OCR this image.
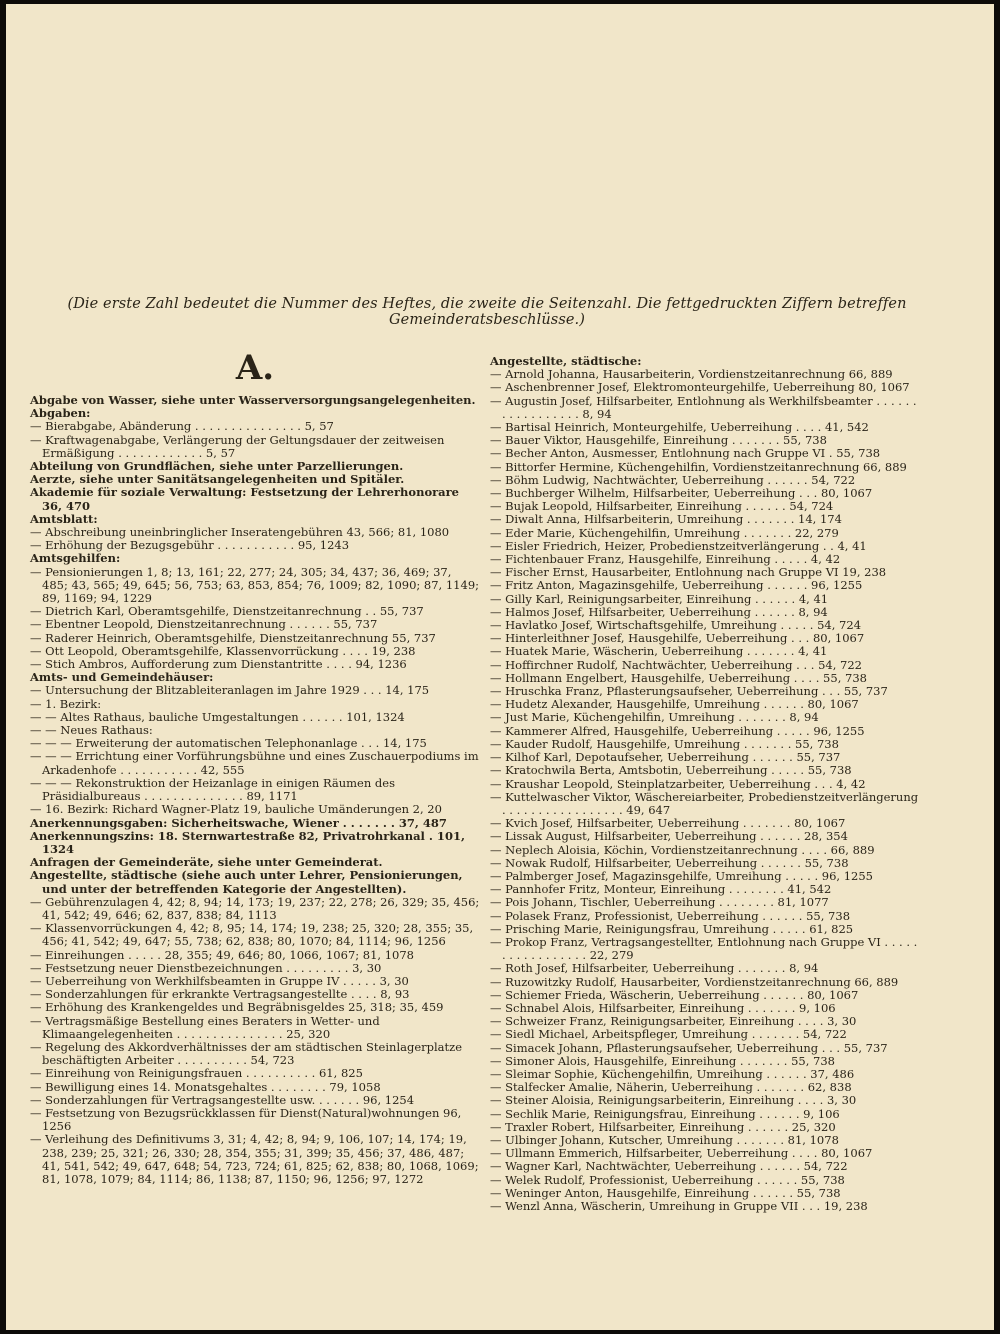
(Die erste Zahl bedeutet die Nummer des Heftes, die zweite die Seitenzahl. Die fettgedruckten Ziffern betreffen Gemeinderatsbeschlüsse.)
A.

Abgabe von Wasser, siehe unter Wasserversorgungsangelegenheiten.

Abgaben:

— Bierabgabe, Abänderung . . . . . . . . . . . . . . . 5, 57

— Kraftwagenabgabe, Verlängerung der Geltungsdauer der zeitweisen Ermäßigung . . . . . . . . . . . . 5, 57

Abteilung von Grundflächen, siehe unter Parzellierungen.

Aerzte, siehe unter Sanitätsangelegenheiten und Spitäler.

Akademie für soziale Verwaltung: Festsetzung der Lehrerhonorare 36, 470

Amtsblatt:

— Abschreibung uneinbringlicher Inseratengebühren 43, 566; 81, 1080

— Erhöhung der Bezugsgebühr . . . . . . . . . . . 95, 1243

Amtsgehilfen:

— Pensionierungen 1, 8; 13, 161; 22, 277; 24, 305; 34, 437; 36, 469; 37, 485; 43, 565; 49, 645; 56, 753; 63, 853, 854; 76, 1009; 82, 1090; 87, 1149; 89, 1169; 94, 1229

— Dietrich Karl, Oberamtsgehilfe, Dienstzeitanrechnung . . 55, 737

— Ebentner Leopold, Dienstzeitanrechnung . . . . . . 55, 737

— Raderer Heinrich, Oberamtsgehilfe, Dienstzeitanrechnung 55, 737

— Ott Leopold, Oberamtsgehilfe, Klassenvorrückung . . . . 19, 238

— Stich Ambros, Aufforderung zum Dienstantritte . . . . 94, 1236

Amts- und Gemeindehäuser:

— Untersuchung der Blitzableiteranlagen im Jahre 1929 . . . 14, 175

— 1. Bezirk:

— — Altes Rathaus, bauliche Umgestaltungen . . . . . . 101, 1324

— — Neues Rathaus:

— — — Erweiterung der automatischen Telephonanlage . . . 14, 175

— — — Errichtung einer Vorführungsbühne und eines Zuschauerpodiums im Arkadenhofe . . . . . . . . . . . 42, 555

— — — Rekonstruktion der Heizanlage in einigen Räumen des Präsidialbureaus . . . . . . . . . . . . . . 89, 1171

— 16. Bezirk: Richard Wagner-Platz 19, bauliche Umänderungen 2, 20

Anerkennungsgaben: Sicherheitswache, Wiener . . . . . . . 37, 487

Anerkennungszins: 18. Sternwartestraße 82, Privatrohrkanal . 101, 1324

Anfragen der Gemeinderäte, siehe unter Gemeinderat.

Angestellte, städtische (siehe auch unter Lehrer, Pensionierungen, und unter der betreffenden Kategorie der Angestellten).

— Gebührenzulagen 4, 42; 8, 94; 14, 173; 19, 237; 22, 278; 26, 329; 35, 456; 41, 542; 49, 646; 62, 837, 838; 84, 1113

— Klassenvorrückungen 4, 42; 8, 95; 14, 174; 19, 238; 25, 320; 28, 355; 35, 456; 41, 542; 49, 647; 55, 738; 62, 838; 80, 1070; 84, 1114; 96, 1256

— Einreihungen . . . . . 28, 355; 49, 646; 80, 1066, 1067; 81, 1078

— Festsetzung neuer Dienstbezeichnungen . . . . . . . . . 3, 30

— Ueberreihung von Werkhilfsbeamten in Gruppe IV . . . . . 3, 30

— Sonderzahlungen für erkrankte Vertragsangestellte . . . . 8, 93

— Erhöhung des Krankengeldes und Begräbnisgeldes 25, 318; 35, 459

— Vertragsmäßige Bestellung eines Beraters in Wetter- und Klimaangelegenheiten . . . . . . . . . . . . . . . 25, 320

— Regelung des Akkordverhältnisses der am städtischen Steinlagerplatze beschäftigten Arbeiter . . . . . . . . . . 54, 723

— Einreihung von Reinigungsfrauen . . . . . . . . . . 61, 825

— Bewilligung eines 14. Monatsgehaltes . . . . . . . . 79, 1058

— Sonderzahlungen für Vertragsangestellte usw. . . . . . . 96, 1254

— Festsetzung von Bezugsrückklassen für Dienst(Natural)wohnungen 96, 1256

— Verleihung des Definitivums 3, 31; 4, 42; 8, 94; 9, 106, 107; 14, 174; 19, 238, 239; 25, 321; 26, 330; 28, 354, 355; 31, 399; 35, 456; 37, 486, 487; 41, 541, 542; 49, 647, 648; 54, 723, 724; 61, 825; 62, 838; 80, 1068, 1069; 81, 1078, 1079; 84, 1114; 86, 1138; 87, 1150; 96, 1256; 97, 1272

Angestellte, städtische:

— Arnold Johanna, Hausarbeiterin, Vordienstzeitanrechnung 66, 889

— Aschenbrenner Josef, Elektromonteurgehilfe, Ueberreihung 80, 1067

— Augustin Josef, Hilfsarbeiter, Entlohnung als Werkhilfsbeamter . . . . . . . . . . . . . . . . . 8, 94

— Bartisal Heinrich, Monteurgehilfe, Ueberreihung . . . . 41, 542

— Bauer Viktor, Hausgehilfe, Einreihung . . . . . . . 55, 738

— Becher Anton, Ausmesser, Entlohnung nach Gruppe VI . 55, 738

— Bittorfer Hermine, Küchengehilfin, Vordienstzeitanrechnung 66, 889

— Böhm Ludwig, Nachtwächter, Ueberreihung . . . . . . 54, 722

— Buchberger Wilhelm, Hilfsarbeiter, Ueberreihung . . . 80, 1067

— Bujak Leopold, Hilfsarbeiter, Einreihung . . . . . . 54, 724

— Diwalt Anna, Hilfsarbeiterin, Umreihung . . . . . . . 14, 174

— Eder Marie, Küchengehilfin, Umreihung . . . . . . . 22, 279

— Eisler Friedrich, Heizer, Probedienstzeitverlängerung . . 4, 41

— Fichtenbauer Franz, Hausgehilfe, Einreihung . . . . . 4, 42

— Fischer Ernst, Hausarbeiter, Entlohnung nach Gruppe VI 19, 238

— Fritz Anton, Magazinsgehilfe, Ueberreihung . . . . . . 96, 1255

— Gilly Karl, Reinigungsarbeiter, Einreihung . . . . . . 4, 41

— Halmos Josef, Hilfsarbeiter, Ueberreihung . . . . . . 8, 94

— Havlatko Josef, Wirtschaftsgehilfe, Umreihung . . . . . 54, 724

— Hinterleithner Josef, Hausgehilfe, Ueberreihung . . . 80, 1067

— Huatek Marie, Wäscherin, Ueberreihung . . . . . . . 4, 41

— Hoffirchner Rudolf, Nachtwächter, Ueberreihung . . . 54, 722

— Hollmann Engelbert, Hausgehilfe, Ueberreihung . . . . 55, 738

— Hruschka Franz, Pflasterungsaufseher, Ueberreihung . . . 55, 737

— Hudetz Alexander, Hausgehilfe, Umreihung . . . . . . 80, 1067

— Just Marie, Küchengehilfin, Umreihung . . . . . . . 8, 94

— Kammerer Alfred, Hausgehilfe, Ueberreihung . . . . . 96, 1255

— Kauder Rudolf, Hausgehilfe, Umreihung . . . . . . . 55, 738

— Kilhof Karl, Depotaufseher, Ueberreihung . . . . . . 55, 737

— Kratochwila Berta, Amtsbotin, Ueberreihung . . . . . 55, 738

— Kraushar Leopold, Steinplatzarbeiter, Ueberreihung . . . 4, 42

— Kuttelwascher Viktor, Wäschereiarbeiter, Probedienstzeitverlängerung . . . . . . . . . . . . . . . . . 49, 647

— Kvich Josef, Hilfsarbeiter, Ueberreihung . . . . . . . 80, 1067

— Lissak August, Hilfsarbeiter, Ueberreihung . . . . . . 28, 354

— Neplech Aloisia, Köchin, Vordienstzeitanrechnung . . . . 66, 889

— Nowak Rudolf, Hilfsarbeiter, Ueberreihung . . . . . . 55, 738

— Palmberger Josef, Magazinsgehilfe, Umreihung . . . . . 96, 1255

— Pannhofer Fritz, Monteur, Einreihung . . . . . . . . 41, 542

— Pois Johann, Tischler, Ueberreihung . . . . . . . . 81, 1077

— Polasek Franz, Professionist, Ueberreihung . . . . . . 55, 738

— Prisching Marie, Reinigungsfrau, Umreihung . . . . . 61, 825

— Prokop Franz, Vertragsangestellter, Entlohnung nach Gruppe VI . . . . . . . . . . . . . . . . . 22, 279

— Roth Josef, Hilfsarbeiter, Ueberreihung . . . . . . . 8, 94

— Ruzowitzky Rudolf, Hausarbeiter, Vordienstzeitanrechnung 66, 889

— Schiemer Frieda, Wäscherin, Ueberreihung . . . . . . 80, 1067

— Schnabel Alois, Hilfsarbeiter, Einreihung . . . . . . . 9, 106

— Schweizer Franz, Reinigungsarbeiter, Einreihung . . . . 3, 30

— Siedl Michael, Arbeitspfleger, Umreihung . . . . . . . 54, 722

— Simacek Johann, Pflasterungsaufseher, Ueberreihung . . . 55, 737

— Simoner Alois, Hausgehilfe, Einreihung . . . . . . . 55, 738

— Sleimar Sophie, Küchengehilfin, Umreihung . . . . . . 37, 486

— Stalfecker Amalie, Näherin, Ueberreihung . . . . . . . 62, 838

— Steiner Aloisia, Reinigungsarbeiterin, Einreihung . . . . 3, 30

— Sechlik Marie, Reinigungsfrau, Einreihung . . . . . . 9, 106

— Traxler Robert, Hilfsarbeiter, Einreihung . . . . . . 25, 320

— Ulbinger Johann, Kutscher, Umreihung . . . . . . . 81, 1078

— Ullmann Emmerich, Hilfsarbeiter, Ueberreihung . . . . 80, 1067

— Wagner Karl, Nachtwächter, Ueberreihung . . . . . . 54, 722

— Welek Rudolf, Professionist, Ueberreihung . . . . . . 55, 738

— Weninger Anton, Hausgehilfe, Einreihung . . . . . . 55, 738

— Wenzl Anna, Wäscherin, Umreihung in Gruppe VII . . . 19, 238
